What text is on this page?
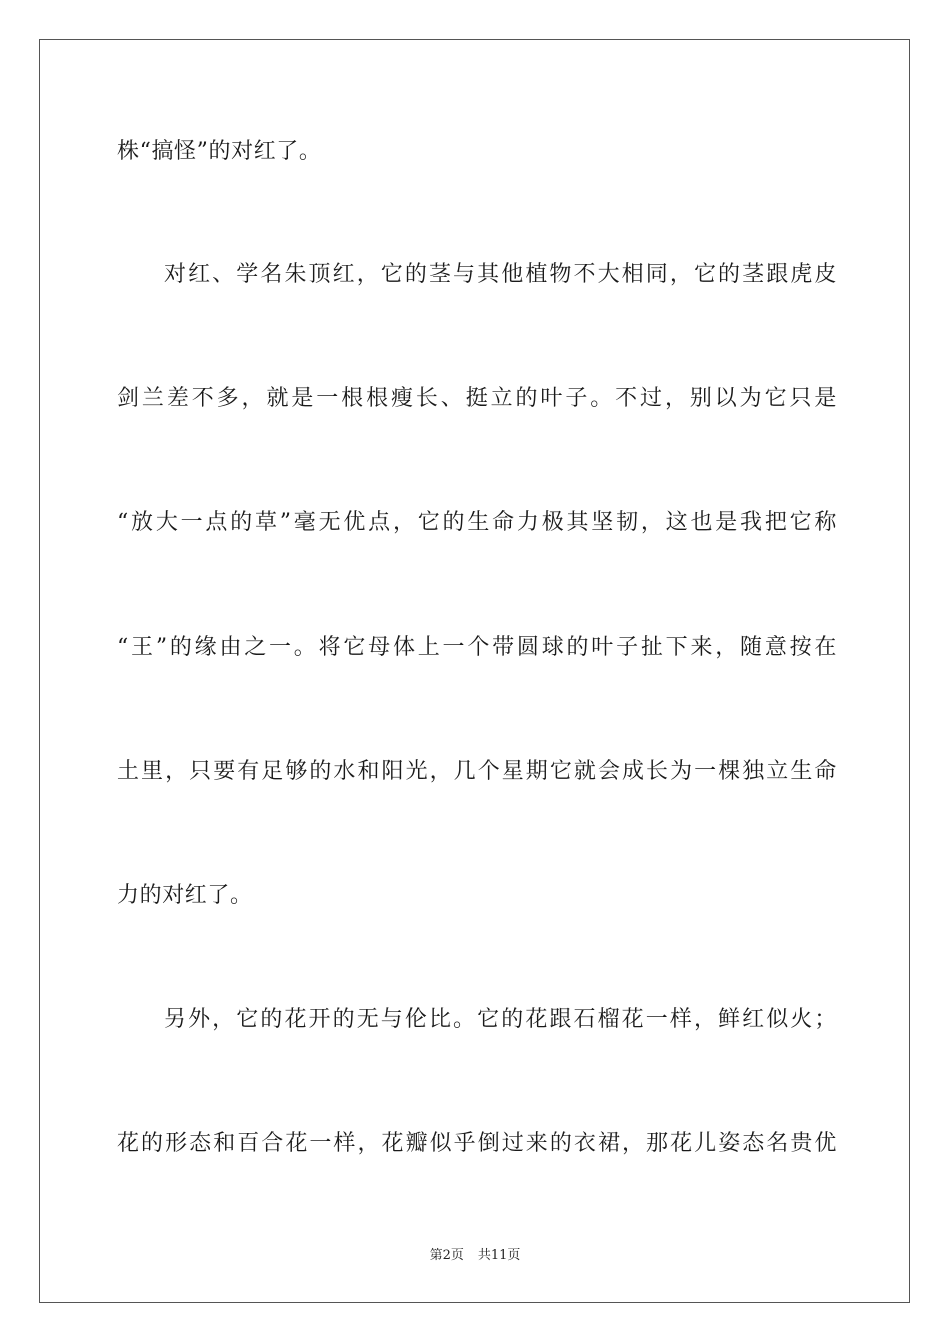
株“搞怪”的对红了。
对红、学名朱顶红，它的茎与其他植物不大相同，它的茎跟虎皮
剑兰差不多，就是一根根瘦长、挺立的叶子。不过，别以为它只是
“放大一点的草”毫无优点，它的生命力极其坚韧，这也是我把它称
“王”的缘由之一。将它母体上一个带圆球的叶子扯下来，随意按在
土里，只要有足够的水和阳光，几个星期它就会成长为一棵独立生命
力的对红了。
另外，它的花开的无与伦比。它的花跟石榴花一样，鲜红似火；
花的形态和百合花一样，花瓣似乎倒过来的衣裙，那花儿姿态名贵优
第2页 共11页
